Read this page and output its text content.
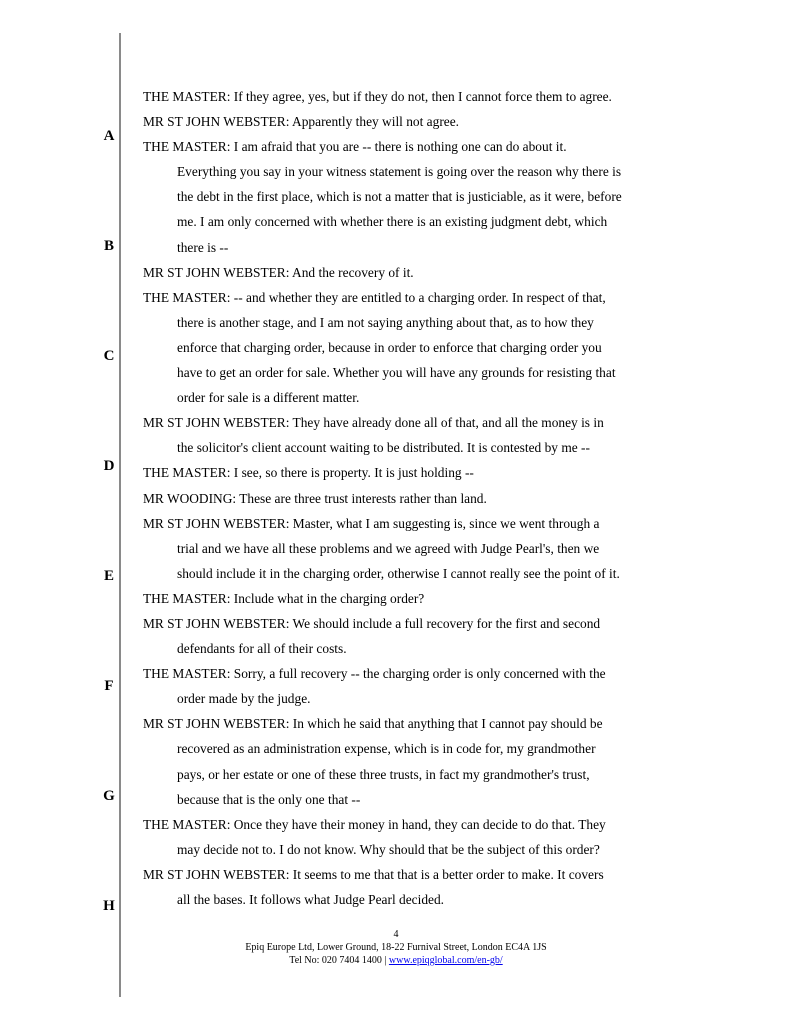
A
B
C
D
E
F
G
H
THE MASTER: If they agree, yes, but if they do not, then I cannot force them to agree.
MR ST JOHN WEBSTER: Apparently they will not agree.
THE MASTER: I am afraid that you are -- there is nothing one can do about it.
Everything you say in your witness statement is going over the reason why there is
the debt in the first place, which is not a matter that is justiciable, as it were, before
me. I am only concerned with whether there is an existing judgment debt, which
there is --
MR ST JOHN WEBSTER: And the recovery of it.
THE MASTER: -- and whether they are entitled to a charging order. In respect of that,
there is another stage, and I am not saying anything about that, as to how they
enforce that charging order, because in order to enforce that charging order you
have to get an order for sale. Whether you will have any grounds for resisting that
order for sale is a different matter.
MR ST JOHN WEBSTER: They have already done all of that, and all the money is in
the solicitor's client account waiting to be distributed. It is contested by me --
THE MASTER: I see, so there is property. It is just holding --
MR WOODING: These are three trust interests rather than land.
MR ST JOHN WEBSTER: Master, what I am suggesting is, since we went through a
trial and we have all these problems and we agreed with Judge Pearl's, then we
should include it in the charging order, otherwise I cannot really see the point of it.
THE MASTER: Include what in the charging order?
MR ST JOHN WEBSTER: We should include a full recovery for the first and second
defendants for all of their costs.
THE MASTER: Sorry, a full recovery -- the charging order is only concerned with the
order made by the judge.
MR ST JOHN WEBSTER: In which he said that anything that I cannot pay should be
recovered as an administration expense, which is in code for, my grandmother
pays, or her estate or one of these three trusts, in fact my grandmother's trust,
because that is the only one that --
THE MASTER: Once they have their money in hand, they can decide to do that. They
may decide not to. I do not know. Why should that be the subject of this order?
MR ST JOHN WEBSTER: It seems to me that that is a better order to make. It covers
all the bases. It follows what Judge Pearl decided.
4
Epiq Europe Ltd, Lower Ground, 18-22 Furnival Street, London EC4A 1JS
Tel No: 020 7404 1400 | www.epiqglobal.com/en-gb/
